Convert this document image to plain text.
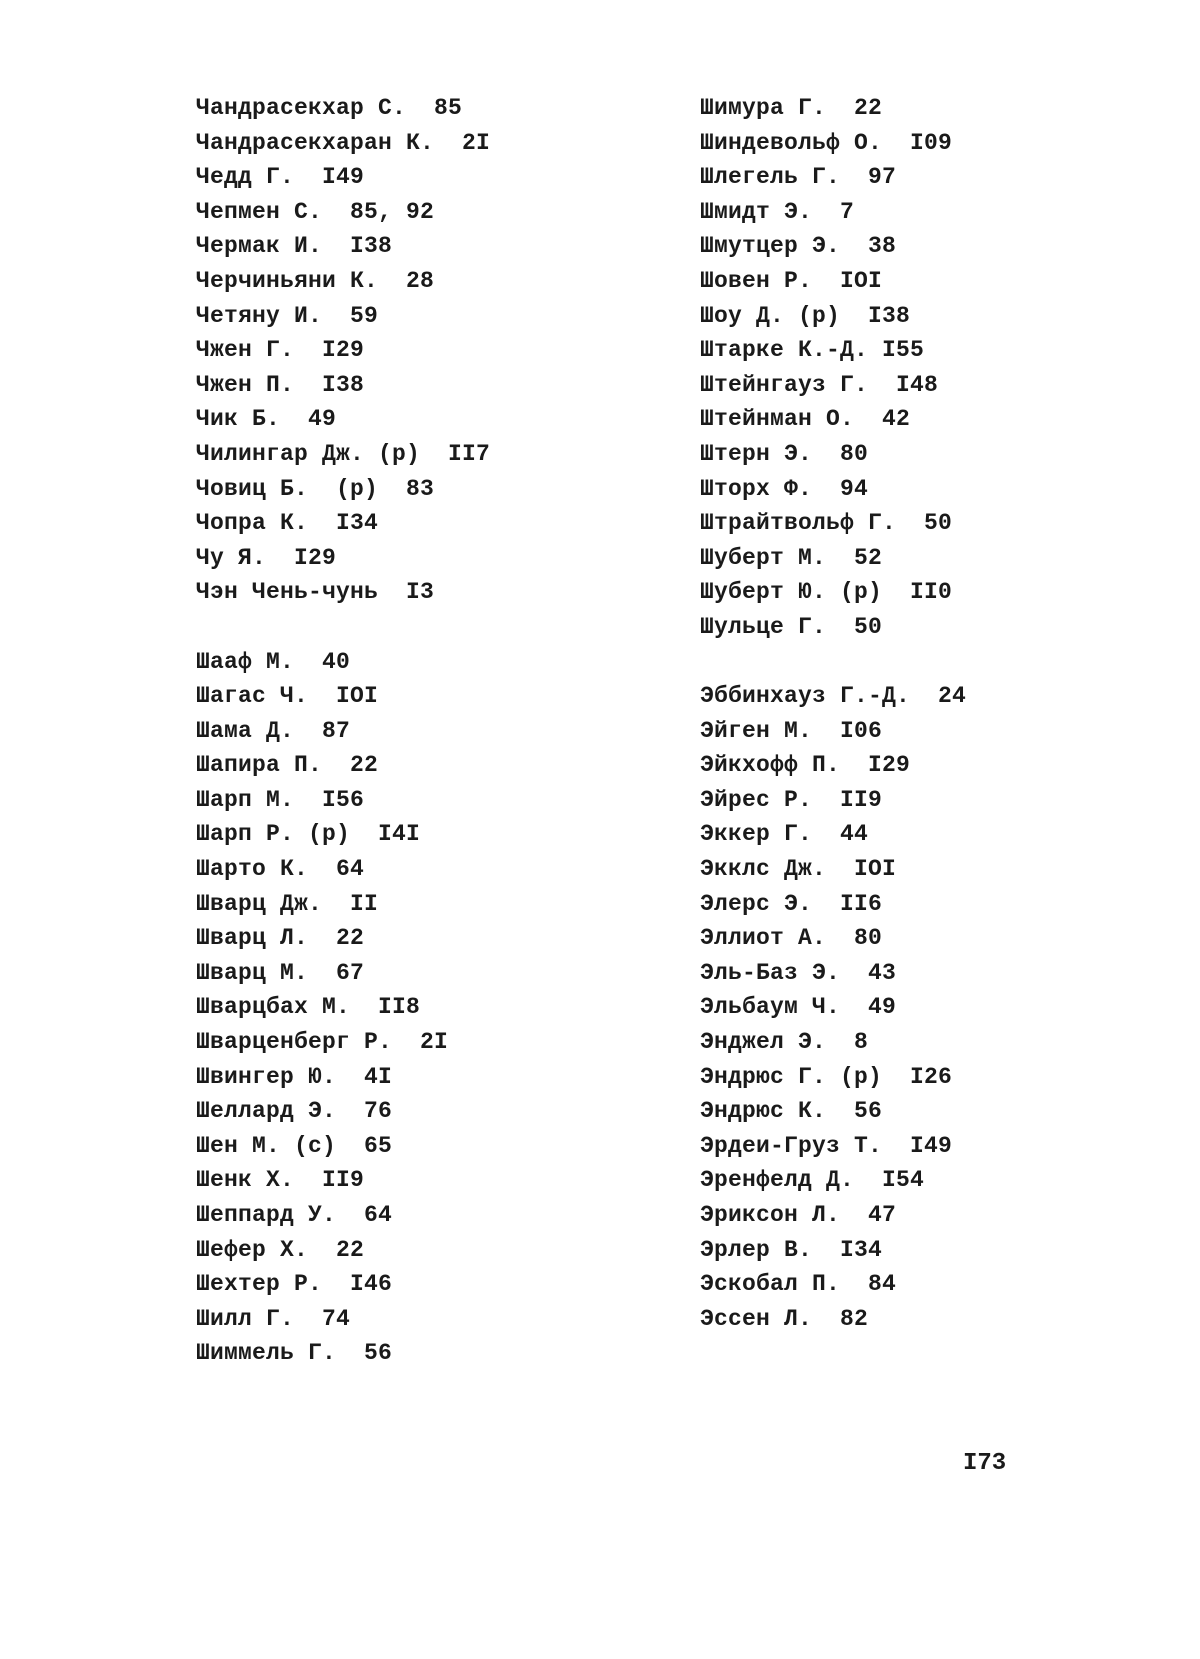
Чандрасекхар С.  85
Чандрасекхаран К.  2I
Чедд Г.  I49
Чепмен С.  85, 92
Чермак И.  I38
Черчиньяни К.  28
Четяну И.  59
Чжен Г.  I29
Чжен П.  I38
Чик Б.  49
Чилингар Дж. (р)  II7
Човиц Б.  (р)  83
Чопра К.  I34
Чу Я.  I29
Чэн Чень-чунь  I3
Шааф М.  40
Шагас Ч.  IOI
Шама Д.  87
Шапира П.  22
Шарп М.  I56
Шарп Р. (р)  I4I
Шарто К.  64
Шварц Дж.  II
Шварц Л.  22
Шварц М.  67
Шварцбах М.  II8
Шварценберг Р.  2I
Швингер Ю.  4I
Шеллард Э.  76
Шен М. (с)  65
Шенк Х.  II9
Шеппард У.  64
Шефер Х.  22
Шехтер Р.  I46
Шилл Г.  74
Шиммель Г.  56
Шимура Г.  22
Шиндевольф О.  I09
Шлегель Г.  97
Шмидт Э.  7
Шмутцер Э.  38
Шовен Р.  IOI
Шоу Д. (р)  I38
Штарке К.-Д. I55
Штейнгауз Г.  I48
Штейнман О.  42
Штерн Э.  80
Шторх Ф.  94
Штрайтвольф Г.  50
Шуберт М.  52
Шуберт Ю. (р)  II0
Шульце Г.  50
Эббинхауз Г.-Д.  24
Эйген М.  I06
Эйкхофф П.  I29
Эйрес Р.  II9
Эккер Г.  44
Экклс Дж.  IOI
Элерс Э.  II6
Эллиот А.  80
Эль-Баз Э.  43
Эльбаум Ч.  49
Энджел Э.  8
Эндрюс Г. (р)  I26
Эндрюс К.  56
Эрдеи-Груз Т.  I49
Эренфелд Д.  I54
Эриксон Л.  47
Эрлер В.  I34
Эскобал П.  84
Эссен Л.  82
I73
